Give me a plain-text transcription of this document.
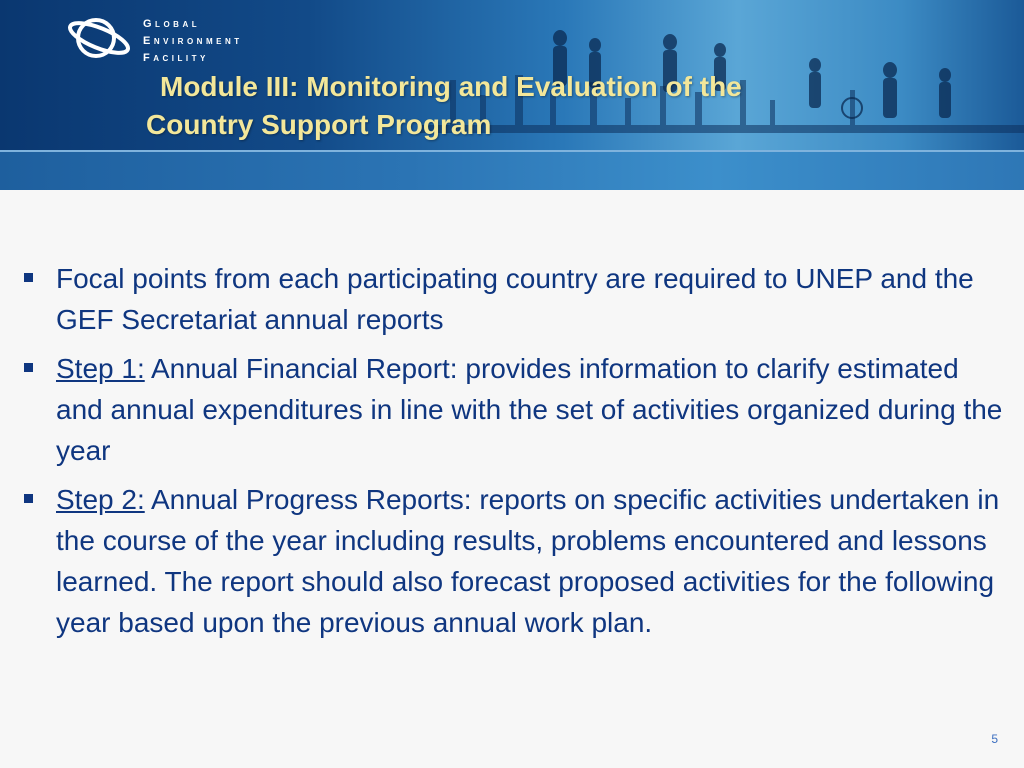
Global
Environment
Facility
Module III: Monitoring and Evaluation of the
Country Support Program
Focal points from each participating country are required to UNEP and the GEF Secretariat annual reports
Step 1: Annual Financial Report: provides information to clarify estimated and annual expenditures in line with the set of activities organized during the year
Step 2: Annual Progress Reports: reports on specific activities undertaken in the course of the year including results, problems encountered and lessons learned. The report should also forecast proposed activities for the following year based upon the previous annual work plan.
5
